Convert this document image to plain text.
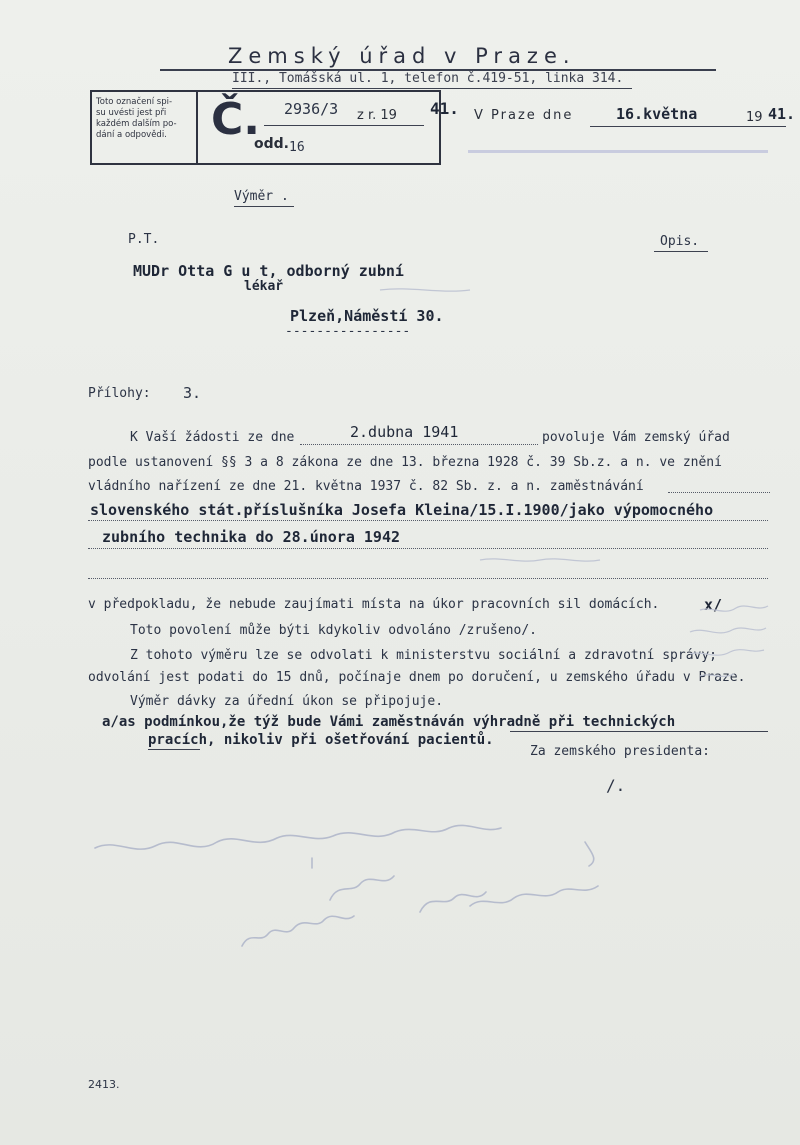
Zemský úřad v Praze.
III., Tomášská ul. 1, telefon č.419-51, linka 314.
Toto označení spi-
su uvésti jest při
každém dalším po-
dání a odpovědi.	Č. 2936/3 z r. 19 41.
odd. 16
V Praze dne	16.května	19 41.
Výměr .
P.T.	Opis.
MUDr Otta G u t, odborný zubní
lékař
Plzeň,Náměstí 30.
----------------
Přílohy: 3.
K Vaší žádosti ze dne	2.dubna 1941	povoluje Vám zemský úřad
podle ustanovení §§ 3 a 8 zákona ze dne 13. března 1928 č. 39 Sb.z. a n. ve znění
vládního nařízení ze dne 21. května 1937 č. 82 Sb. z. a n. zaměstnávání
slovenského stát.příslušníka Josefa Kleina/15.I.1900/jako výpomocného
zubního technika do 28.února 1942
v předpokladu, že nebude zaujímati místa na úkor pracovních sil domácích.	x/
Toto povolení může býti kdykoliv odvoláno /zrušeno/.
Z tohoto výměru lze se odvolati k ministerstvu sociální a zdravotní správy;
odvolání jest podati do 15 dnů, počínaje dnem po doručení, u zemského úřadu v Praze.
Výměr dávky za úřední úkon se připojuje.
a/as podmínkou,že týž bude Vámi zaměstnáván výhradně při technických
pracích, nikoliv při ošetřování pacientů.
Za zemského presidenta:
/.
2413.
